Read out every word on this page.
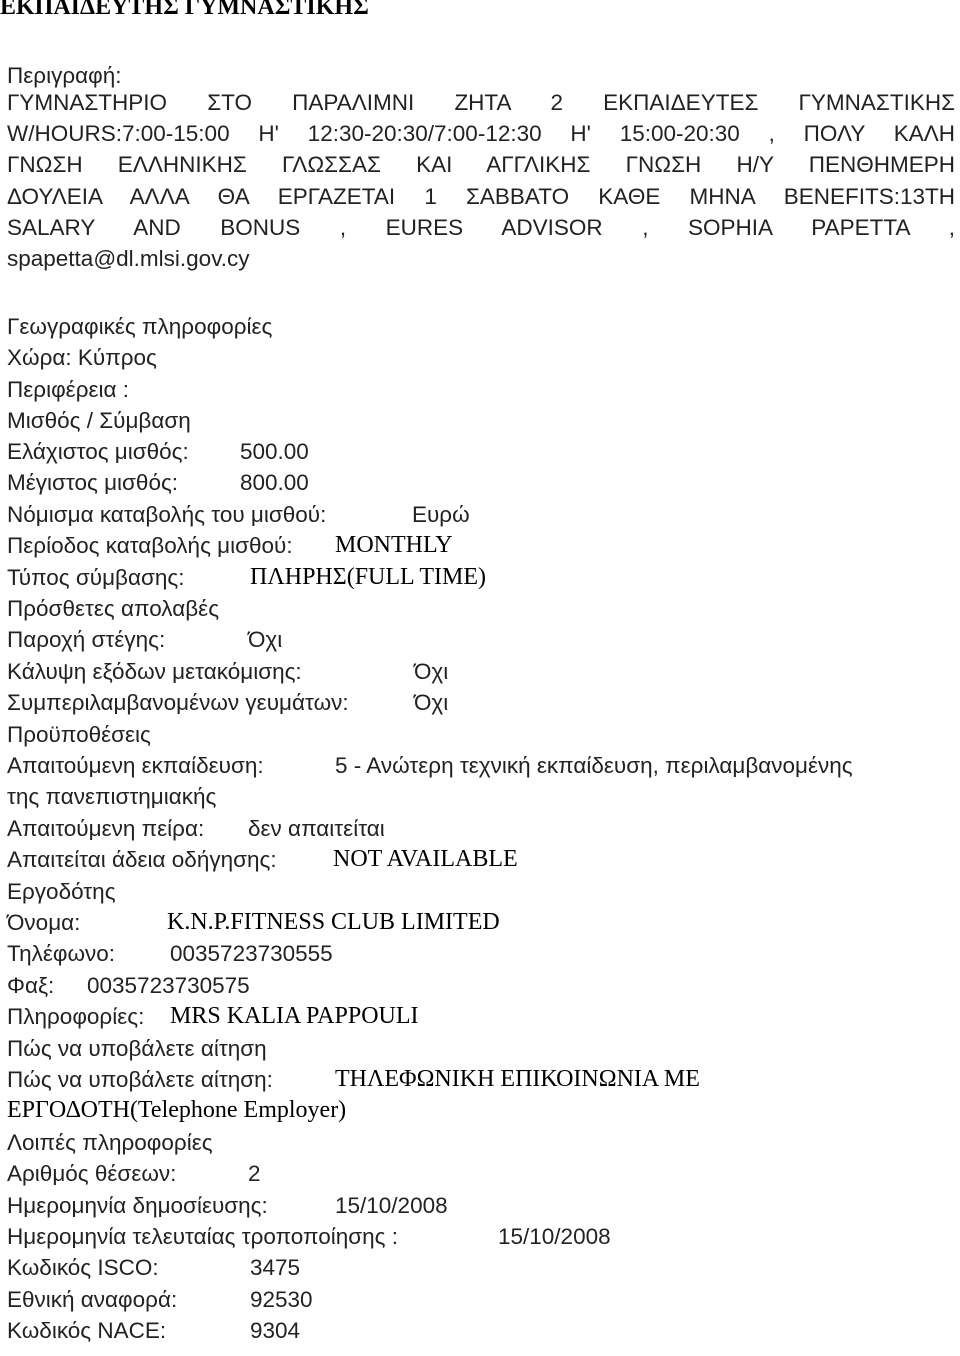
ΕΚΠΑΙΔΕΥΤΗΣ ΓΥΜΝΑΣΤΙΚΗΣ
Περιγραφή:
ΓΥΜΝΑΣΤΗΡΙΟ ΣΤΟ ΠΑΡΑΛΙΜΝΙ ΖΗΤΑ 2 ΕΚΠΑΙΔΕΥΤΕΣ ΓΥΜΝΑΣΤΙΚΗΣ
W/HOURS:7:00-15:00 Η' 12:30-20:30/7:00-12:30 Η' 15:00-20:30 , ΠΟΛΥ ΚΑΛΗ
ΓΝΩΣΗ ΕΛΛΗΝΙΚΗΣ ΓΛΩΣΣΑΣ ΚΑΙ ΑΓΓΛΙΚΗΣ ΓΝΩΣΗ Η/Υ ΠΕΝΘΗΜΕΡΗ
ΔΟΥΛΕΙΑ ΑΛΛΑ ΘΑ ΕΡΓΑΖΕΤΑΙ 1 ΣΑΒΒΑΤΟ ΚΑΘΕ ΜΗΝΑ BENEFITS:13TH
SALARY AND BONUS , EURES ADVISOR , SOPHIA PAPETTA ,
spapetta@dl.mlsi.gov.cy
Γεωγραφικές πληροφορίες
Χώρα: Κύπρος
Περιφέρεια :
Μισθός / Σύμβαση
Ελάχιστος μισθός: 500.00
Μέγιστος μισθός:	800.00
Νόμισμα καταβολής του μισθού:	Ευρώ
Περίοδος καταβολής μισθού: MONTHLY
Τύπος σύμβασης:	ΠΛΗΡΗΣ(FULL TIME)
Πρόσθετες απολαβές
Παροχή στέγης:	Όχι
Κάλυψη εξόδων μετακόμισης:	Όχι
Συμπεριλαμβανομένων γευμάτων:	Όχι
Προϋποθέσεις
Απαιτούμενη εκπαίδευση:	5 - Ανώτερη τεχνική εκπαίδευση, περιλαμβανομένης
της πανεπιστημιακής
Απαιτούμενη πείρα: δεν απαιτείται
Απαιτείται άδεια οδήγησης: NOT AVAILABLE
Εργοδότης
Όνομα:	K.N.P.FITNESS CLUB LIMITED
Τηλέφωνο: 0035723730555
Φαξ: 0035723730575
Πληροφορίες: MRS KALIA PAPPOULI
Πώς να υποβάλετε αίτηση
Πώς να υποβάλετε αίτηση:	ΤΗΛΕΦΩΝΙΚΗ ΕΠΙΚΟΙΝΩΝΙΑ ΜΕ
ΕΡΓΟΔΟΤΗ(Telephone Employer)
Λοιπές πληροφορίες
Αριθμός θέσεων:	2
Ημερομηνία δημοσίευσης:	15/10/2008
Ημερομηνία τελευταίας τροποποίησης :	15/10/2008
Κωδικός ISCO:	3475
Εθνική αναφορά:	92530
Κωδικός NACE:	9304
